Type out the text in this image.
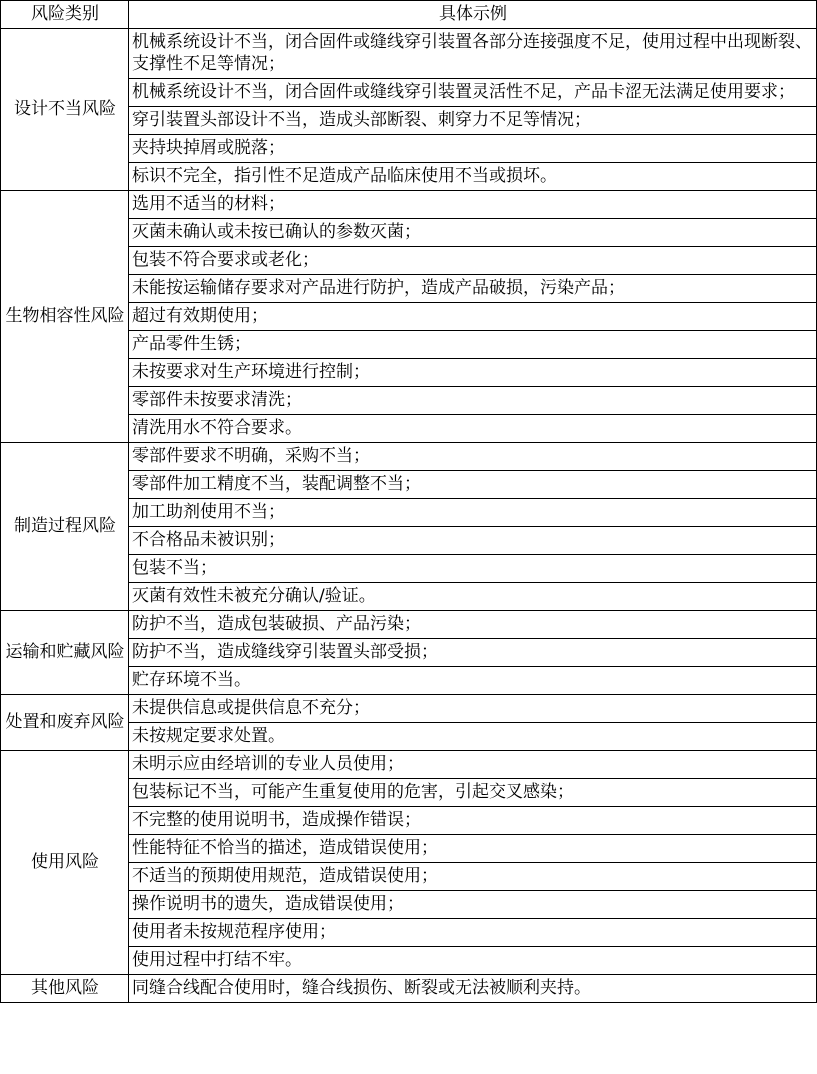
风险类别	具体示例
设计不当风险	机械系统设计不当，闭合固件或缝线穿引装置各部分连接强度不足，使用过程中出现断裂、支撑性不足等情况；
	机械系统设计不当，闭合固件或缝线穿引装置灵活性不足，产品卡涩无法满足使用要求；
	穿引装置头部设计不当，造成头部断裂、刺穿力不足等情况；
	夹持块掉屑或脱落；
	标识不完全，指引性不足造成产品临床使用不当或损坏。
生物相容性风险	选用不适当的材料；
	灭菌未确认或未按已确认的参数灭菌；
	包装不符合要求或老化；
	未能按运输储存要求对产品进行防护，造成产品破损，污染产品；
	超过有效期使用；
	产品零件生锈；
	未按要求对生产环境进行控制；
	零部件未按要求清洗；
	清洗用水不符合要求。
制造过程风险	零部件要求不明确，采购不当；
	零部件加工精度不当，装配调整不当；
	加工助剂使用不当；
	不合格品未被识别；
	包装不当；
	灭菌有效性未被充分确认/验证。
运输和贮藏风险	防护不当，造成包装破损、产品污染；
	防护不当，造成缝线穿引装置头部受损；
	贮存环境不当。
处置和废弃风险	未提供信息或提供信息不充分；
	未按规定要求处置。
使用风险	未明示应由经培训的专业人员使用；
	包装标记不当，可能产生重复使用的危害，引起交叉感染；
	不完整的使用说明书，造成操作错误；
	性能特征不恰当的描述，造成错误使用；
	不适当的预期使用规范，造成错误使用；
	操作说明书的遗失，造成错误使用；
	使用者未按规范程序使用；
	使用过程中打结不牢。
其他风险	同缝合线配合使用时，缝合线损伤、断裂或无法被顺利夹持。
